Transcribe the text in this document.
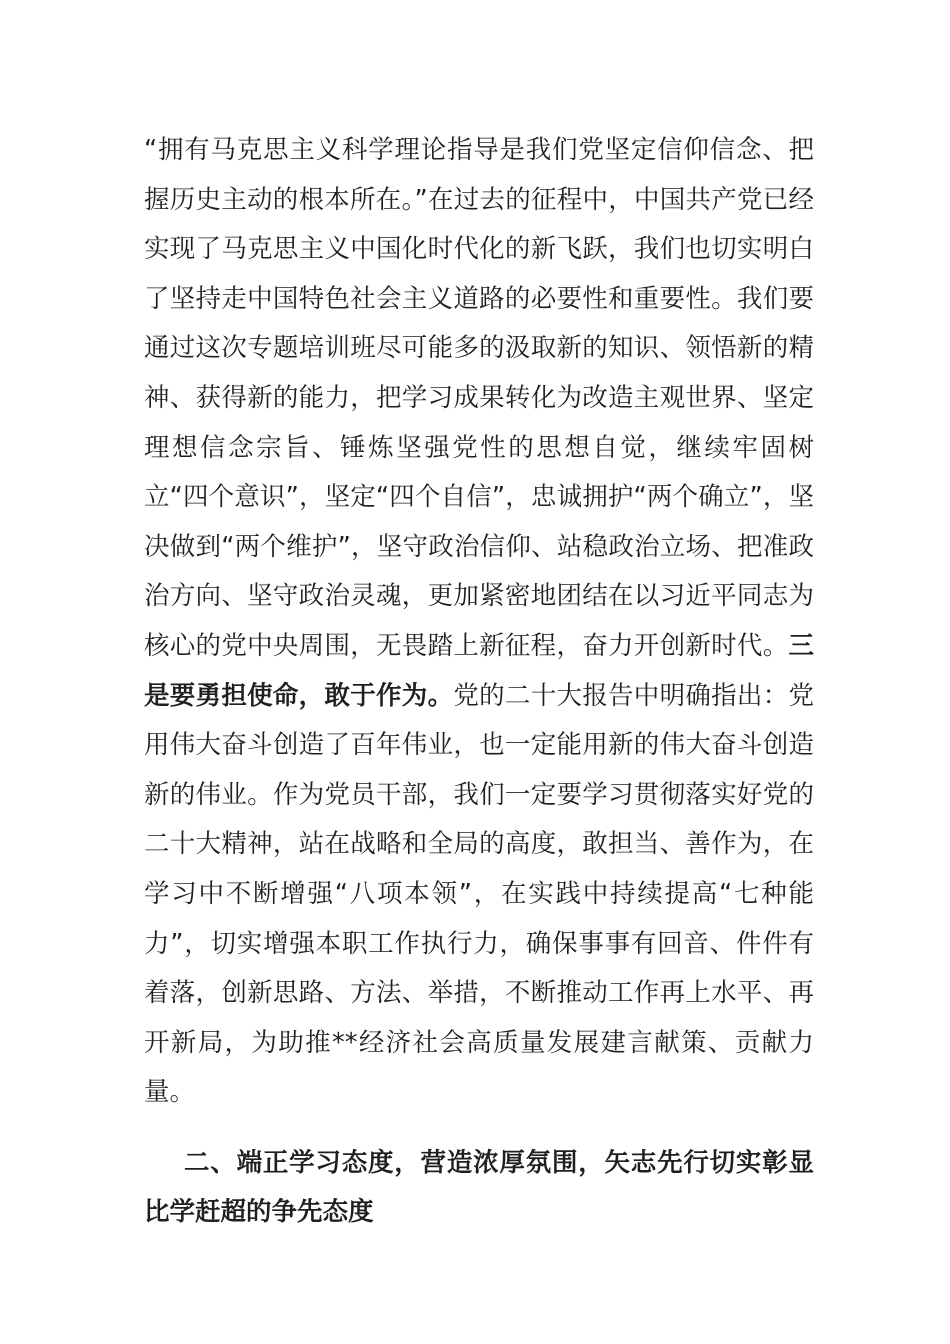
“拥有马克思主义科学理论指导是我们党坚定信仰信念、把握历史主动的根本所在。”在过去的征程中，中国共产党已经实现了马克思主义中国化时代化的新飞跃，我们也切实明白了坚持走中国特色社会主义道路的必要性和重要性。我们要通过这次专题培训班尽可能多的汲取新的知识、领悟新的精神、获得新的能力，把学习成果转化为改造主观世界、坚定理想信念宗旨、锤炼坚强党性的思想自觉，继续牢固树立“四个意识”，坚定“四个自信”，忠诚拥护“两个确立”，坚决做到“两个维护”，坚守政治信仰、站稳政治立场、把准政治方向、坚守政治灵魂，更加紧密地团结在以习近平同志为核心的党中央周围，无畏踏上新征程，奋力开创新时代。三是要勇担使命，敢于作为。党的二十大报告中明确指出：党用伟大奋斗创造了百年伟业，也一定能用新的伟大奋斗创造新的伟业。作为党员干部，我们一定要学习贯彻落实好党的二十大精神，站在战略和全局的高度，敢担当、善作为，在学习中不断增强“八项本领”，在实践中持续提高“七种能力”，切实增强本职工作执行力，确保事事有回音、件件有着落，创新思路、方法、举措，不断推动工作再上水平、再开新局，为助推**经济社会高质量发展建言献策、贡献力量。

二、端正学习态度，营造浓厚氛围，矢志先行切实彰显比学赶超的争先态度
